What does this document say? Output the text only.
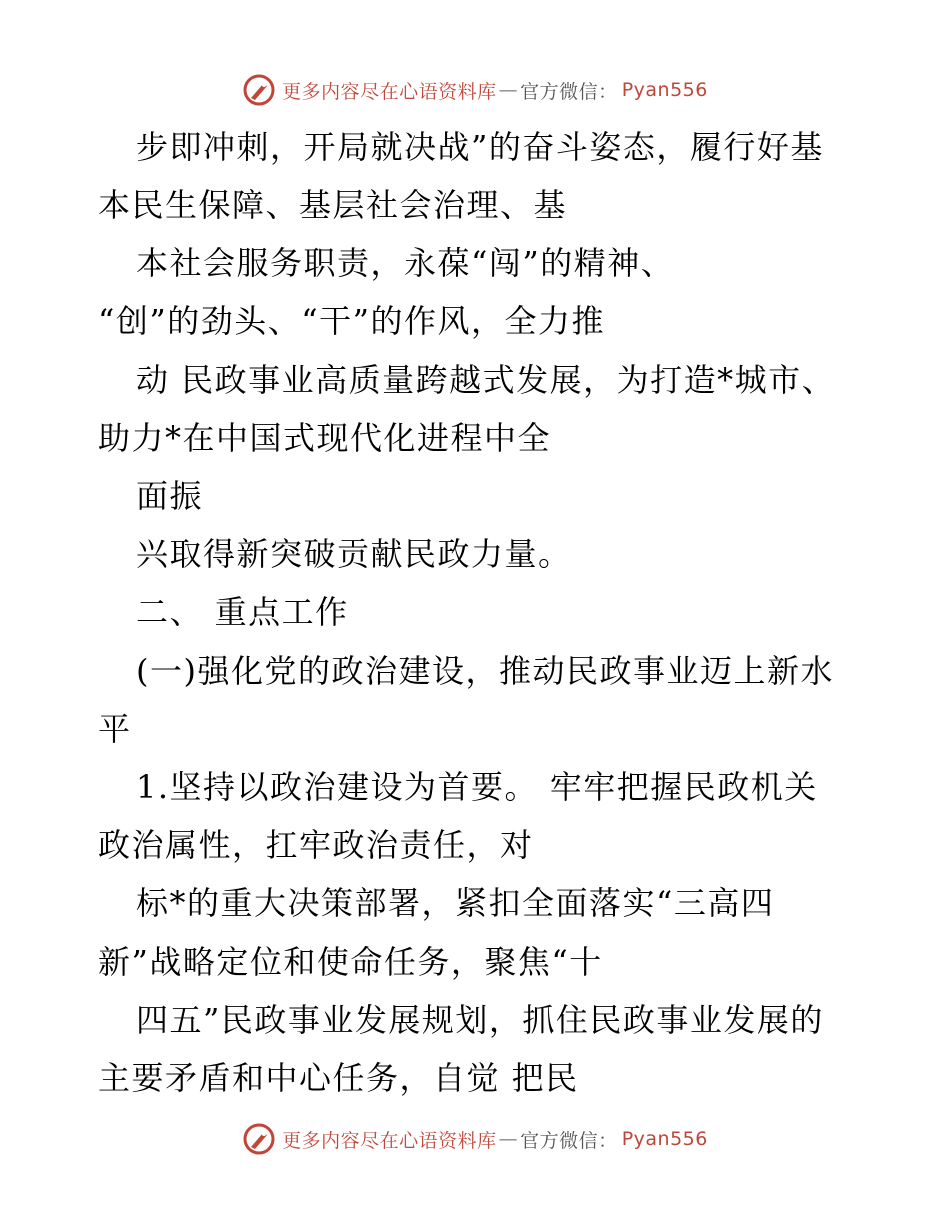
更多内容尽在心语资料库 — 官方微信： Pyan556
步即冲刺，开局就决战”的奋斗姿态，履行好基
本民生保障、基层社会治理、基
本社会服务职责，永葆“闯”的精神、
“创”的劲头、“干”的作风，全力推
动 民政事业高质量跨越式发展，为打造*城市、
助力*在中国式现代化进程中全
面振
兴取得新突破贡献民政力量。
二、 重点工作
(一)强化党的政治建设，推动民政事业迈上新水
平
1.坚持以政治建设为首要。 牢牢把握民政机关
政治属性，扛牢政治责任，对
标*的重大决策部署，紧扣全面落实“三高四
新”战略定位和使命任务，聚焦“十
四五”民政事业发展规划，抓住民政事业发展的
主要矛盾和中心任务，自觉 把民
更多内容尽在心语资料库 — 官方微信： Pyan556
